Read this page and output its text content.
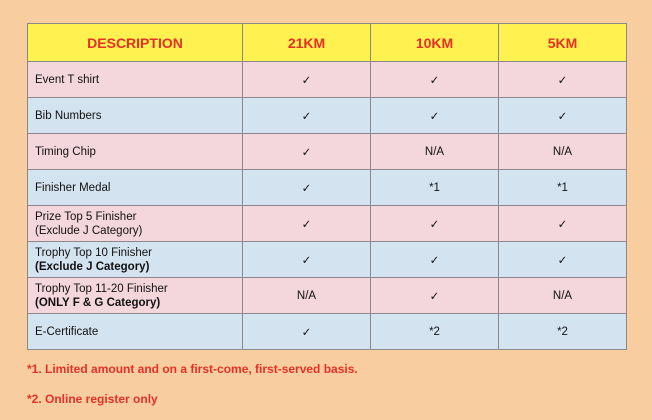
DESCRIPTION	21KM	10KM	5KM

Event T shirt	✓	✓	✓

Bib Numbers	✓	✓	✓

Timing Chip	✓	N/A	N/A

Finisher Medal	✓	*1	*1

Prize Top 5 Finisher
(Exclude J Category)	✓	✓	✓

Trophy Top 10 Finisher
(Exclude J Category)	✓	✓	✓

Trophy Top 11-20 Finisher
(ONLY F & G Category)	N/A	✓	N/A

E-Certificate	✓	*2	*2
*1. Limited amount and on a first-come, first-served basis.
*2. Online register only
